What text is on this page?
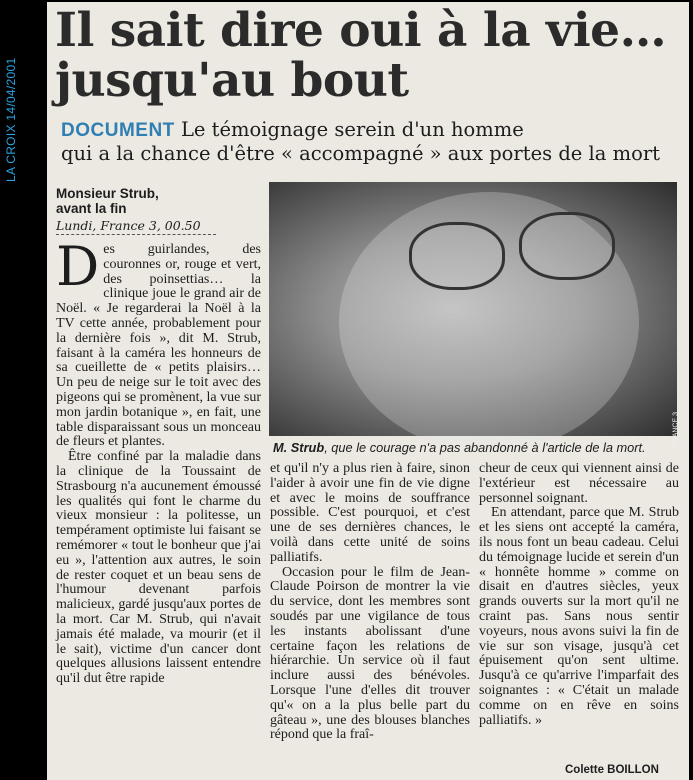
LA CROIX 14/04/2001
Il sait dire oui à la vie…
jusqu'au bout
DOCUMENT Le témoignage serein d'un homme
qui a la chance d'être « accompagné » aux portes de la mort
Monsieur Strub,
avant la fin
Lundi, France 3, 00.50

Des guirlandes, des couronnes or, rouge et vert, des poinsettias… la clinique joue le grand air de Noël. « Je regarderai la Noël à la TV cette année, probablement pour la dernière fois », dit M. Strub, faisant à la caméra les honneurs de sa cueillette de « petits plaisirs… Un peu de neige sur le toit avec des pigeons qui se promènent, la vue sur mon jardin botanique », en fait, une table disparaissant sous un monceau de fleurs et plantes.

Être confiné par la maladie dans la clinique de la Toussaint de Strasbourg n'a aucunement émoussé les qualités qui font le charme du vieux monsieur : la politesse, un tempérament optimiste lui faisant se remémorer « tout le bonheur que j'ai eu », l'attention aux autres, le soin de rester coquet et un beau sens de l'humour devenant parfois malicieux, gardé jusqu'aux portes de la mort. Car M. Strub, qui n'avait jamais été malade, va mourir (et il le sait), victime d'un cancer dont quelques allusions laissent entendre qu'il dut être rapide

FRANCE 3
M. Strub, que le courage n'a pas abandonné à l'article de la mort.

et qu'il n'y a plus rien à faire, sinon l'aider à avoir une fin de vie digne et avec le moins de souffrance possible. C'est pourquoi, et c'est une de ses dernières chances, le voilà dans cette unité de soins palliatifs.

Occasion pour le film de Jean-Claude Poirson de montrer la vie du service, dont les membres sont soudés par une vigilance de tous les instants abolissant d'une certaine façon les relations de hiérarchie. Un service où il faut inclure aussi des bénévoles. Lorsque l'une d'elles dit trouver qu'« on a la plus belle part du gâteau », une des blouses blanches répond que la fraî-

cheur de ceux qui viennent ainsi de l'extérieur est nécessaire au personnel soignant.

En attendant, parce que M. Strub et les siens ont accepté la caméra, ils nous font un beau cadeau. Celui du témoignage lucide et serein d'un « honnête homme » comme on disait en d'autres siècles, yeux grands ouverts sur la mort qu'il ne craint pas. Sans nous sentir voyeurs, nous avons suivi la fin de vie sur son visage, jusqu'à cet épuisement qu'on sent ultime. Jusqu'à ce qu'arrive l'imparfait des soignantes : « C'était un malade comme on en rêve en soins palliatifs. »

Colette BOILLON
